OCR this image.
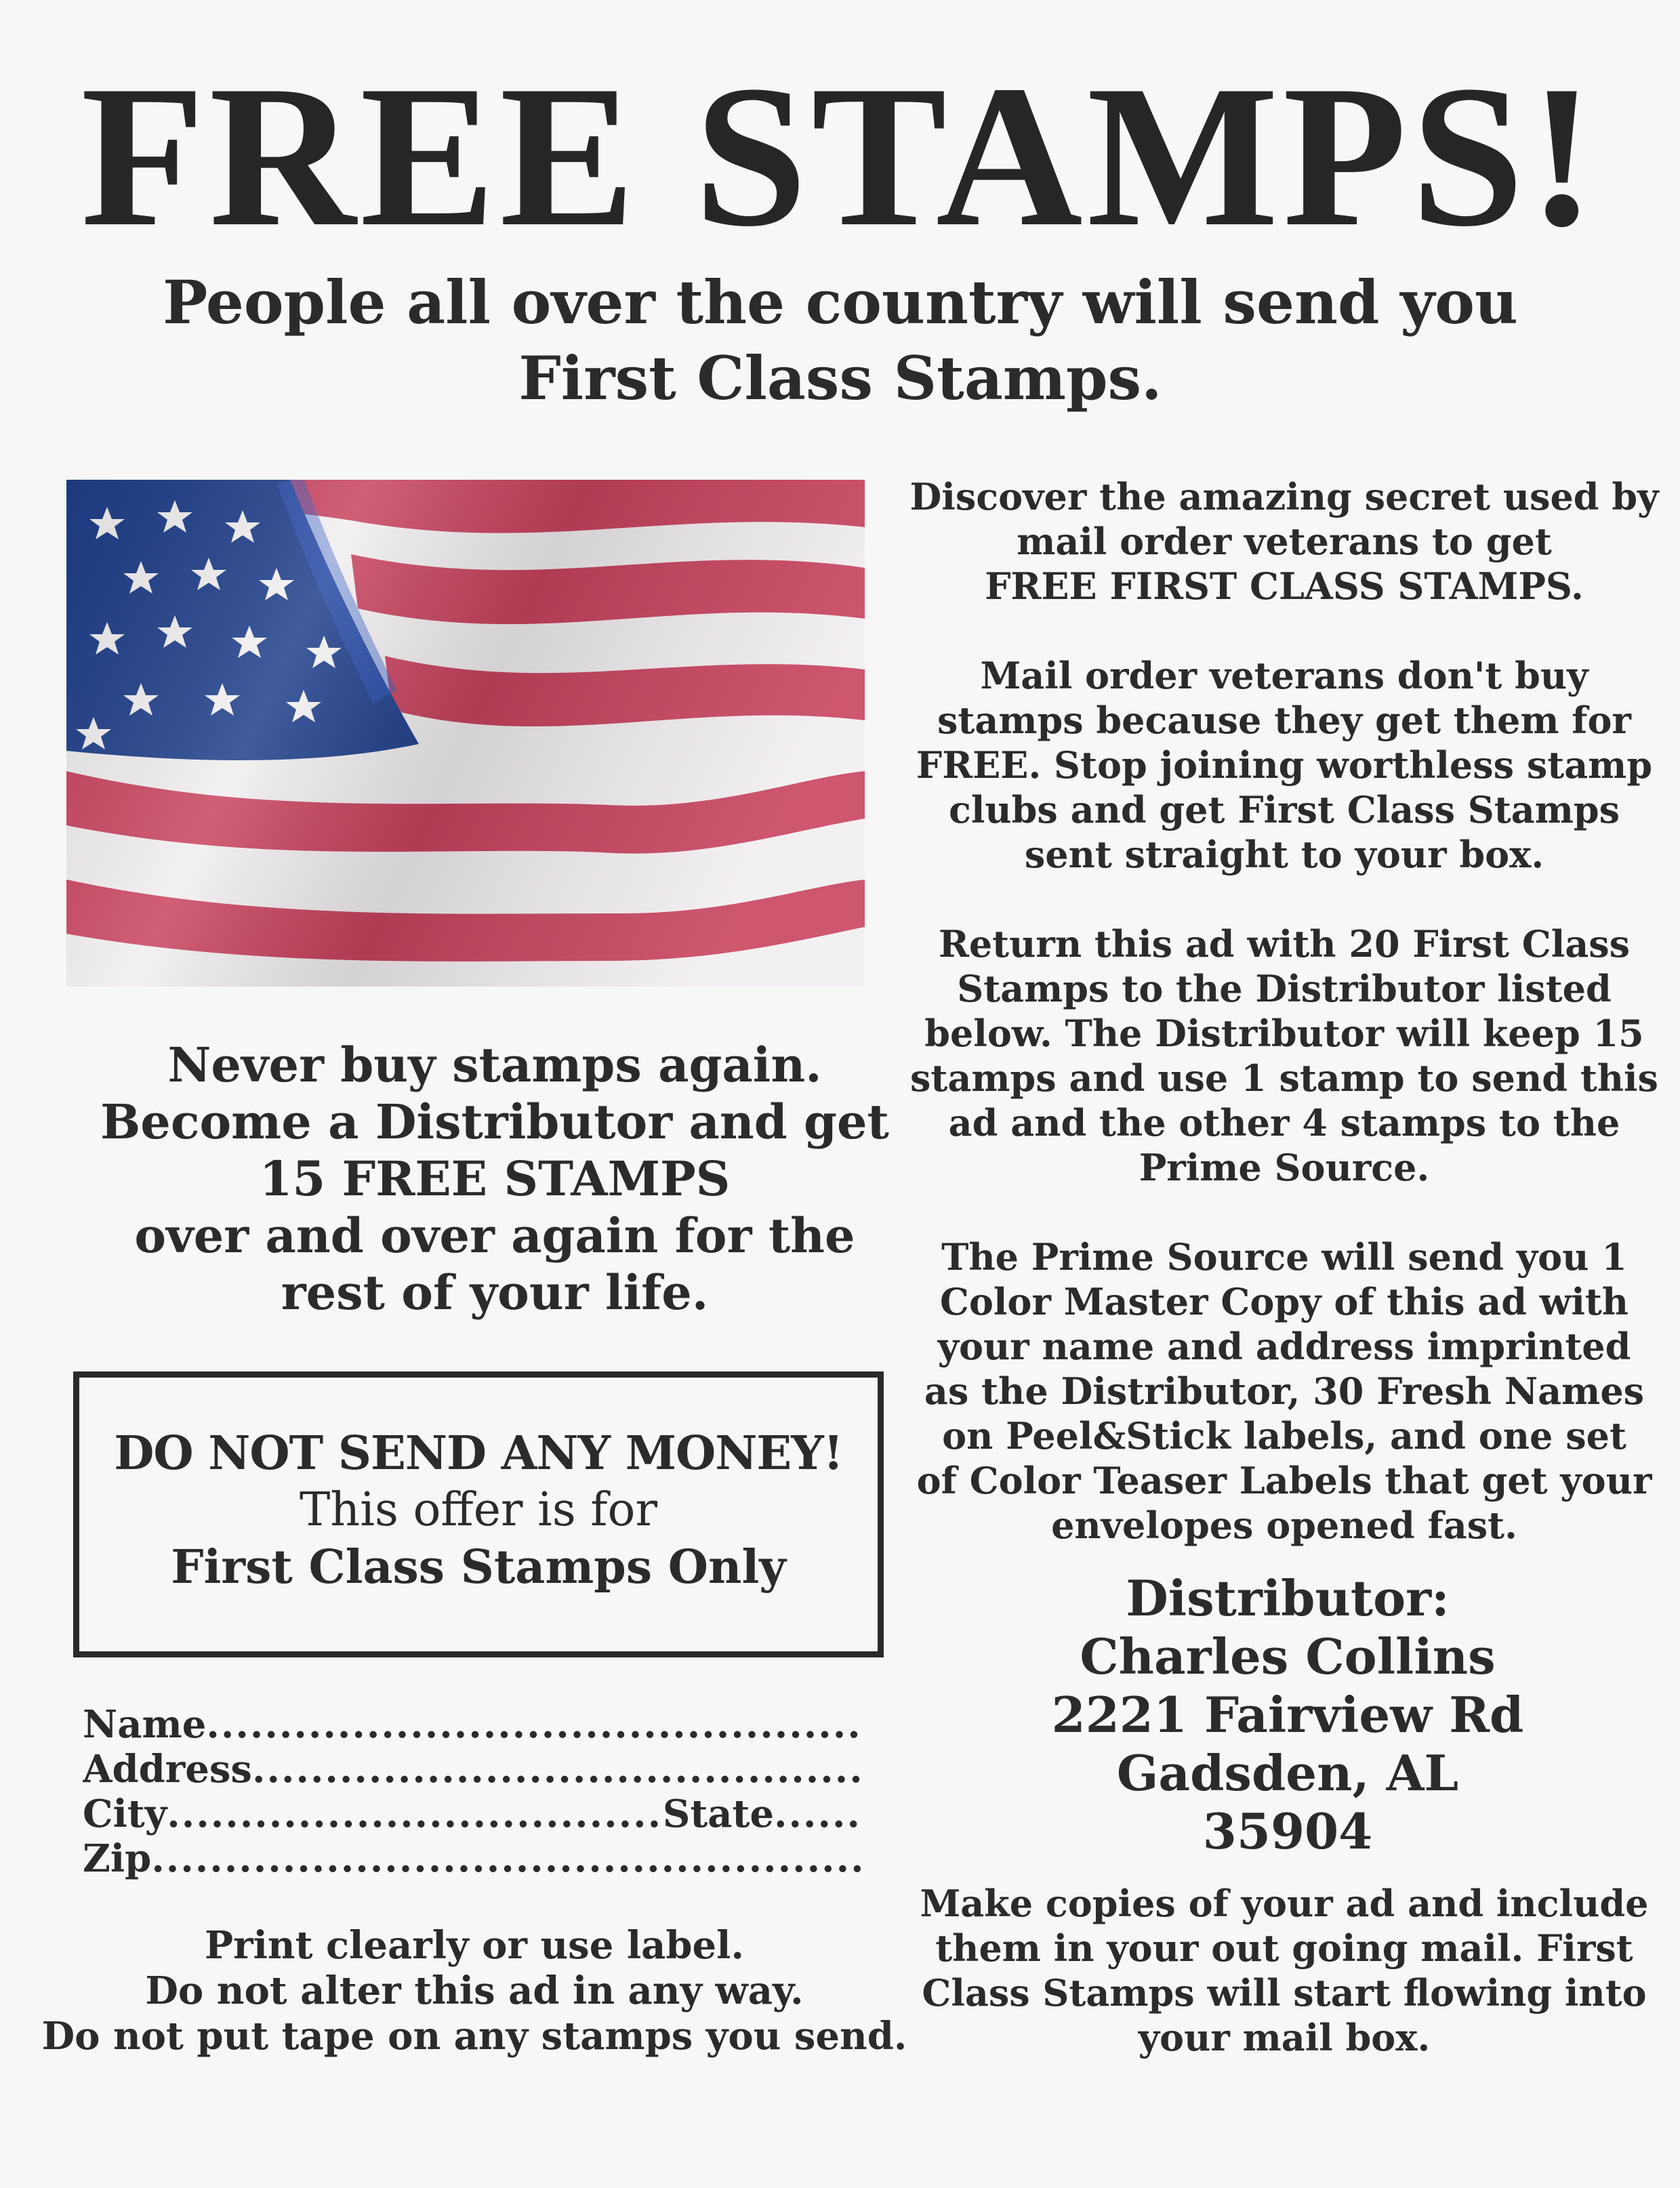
FREE STAMPS!
People all over the country will send you
First Class Stamps.
Never buy stamps again.
Become a Distributor and get
15 FREE STAMPS
over and over again for the
rest of your life.
DO NOT SEND ANY MONEY!
This offer is for
First Class Stamps Only
Name
.....
Address
.....
City
.....	State
.....
Zip
.....
Print clearly or use label.
Do not alter this ad in any way.
Do not put tape on any stamps you send.
Discover the amazing secret used by
mail order veterans to get
FREE FIRST CLASS STAMPS.
Mail order veterans don't buy
stamps because they get them for
FREE. Stop joining worthless stamp
clubs and get First Class Stamps
sent straight to your box.
Return this ad with 20 First Class
Stamps to the Distributor listed
below. The Distributor will keep 15
stamps and use 1 stamp to send this
ad and the other 4 stamps to the
Prime Source.
The Prime Source will send you 1
Color Master Copy of this ad with
your name and address imprinted
as the Distributor, 30 Fresh Names
on Peel&Stick labels, and one set
of Color Teaser Labels that get your
envelopes opened fast.
Distributor:
Charles Collins
2221 Fairview Rd
Gadsden, AL
35904
Make copies of your ad and include
them in your out going mail. First
Class Stamps will start flowing into
your mail box.
